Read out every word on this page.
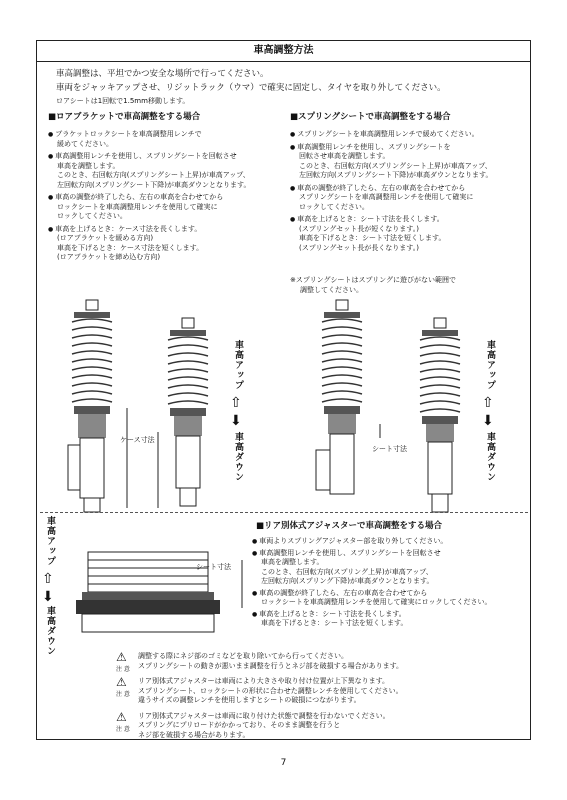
車高調整方法
車高調整は、平坦でかつ安全な場所で行ってください。
車両をジャッキアップさせ、リジットラック（ウマ）で確実に固定し、タイヤを取り外してください。
ロアシートは1回転で1.5mm移動します。
■ロアブラケットで車高調整をする場合
● ブラケットロックシートを車高調整用レンチで
緩めてください。
● 車高調整用レンチを使用し、スプリングシートを回転させ
車高を調整します。
このとき、右回転方向(スプリングシート上昇)が車高アップ、
左回転方向(スプリングシート下降)が車高ダウンとなります。
● 車高の調整が終了したら、左右の車高を合わせてから
ロックシートを車高調整用レンチを使用して確実に
ロックしてください。
● 車高を上げるとき：ケース寸法を長くします。
(ロアブラケットを緩める方向)
車高を下げるとき：ケース寸法を短くします。
(ロアブラケットを締め込む方向)
■スプリングシートで車高調整をする場合
● スプリングシートを車高調整用レンチで緩めてください。
● 車高調整用レンチを使用し、スプリングシートを
回転させ車高を調整します。
このとき、右回転方向(スプリングシート上昇)が車高アップ、
左回転方向(スプリングシート下降)が車高ダウンとなります。
● 車高の調整が終了したら、左右の車高を合わせてから
スプリングシートを車高調整用レンチを使用して確実に
ロックしてください。
● 車高を上げるとき：シート寸法を長くします。
(スプリングセット長が短くなります。)
車高を下げるとき：シート寸法を短くします。
(スプリングセット長が長くなります。)
※スプリングシートはスプリングに遊びがない範囲で
調整してください。
ケース寸法
シート寸法
シート寸法
車高アップ
⇧
⬇
車高ダウン
車高アップ
⇧
⬇
車高ダウン
車高アップ
⇧
⬇
車高ダウン
■リア別体式アジャスターで車高調整をする場合
● 車両よりスプリングアジャスター部を取り外してください。
● 車高調整用レンチを使用し、スプリングシートを回転させ
車高を調整します。
このとき、右回転方向(スプリング上昇)が車高アップ、
左回転方向(スプリング下降)が車高ダウンとなります。
● 車高の調整が終了したら、左右の車高を合わせてから
ロックシートを車高調整用レンチを使用して確実にロックしてください。
● 車高を上げるとき：シート寸法を長くします。
車高を下げるとき：シート寸法を短くします。
⚠
注 意
調整する際にネジ部のゴミなどを取り除いてから行ってください。
スプリングシートの動きが悪いまま調整を行うとネジ部を破損する場合があります。
⚠
注 意
リア別体式アジャスターは車両により大きさや取り付け位置が上下異なります。
スプリングシート、ロックシートの形状に合わせた調整レンチを使用してください。
違うサイズの調整レンチを使用しますとシートの破損につながります。
⚠
注 意
リア別体式アジャスターは車両に取り付けた状態で調整を行わないでください。
スプリングにプリロードがかかっており、そのまま調整を行うと
ネジ部を破損する場合があります。
7
